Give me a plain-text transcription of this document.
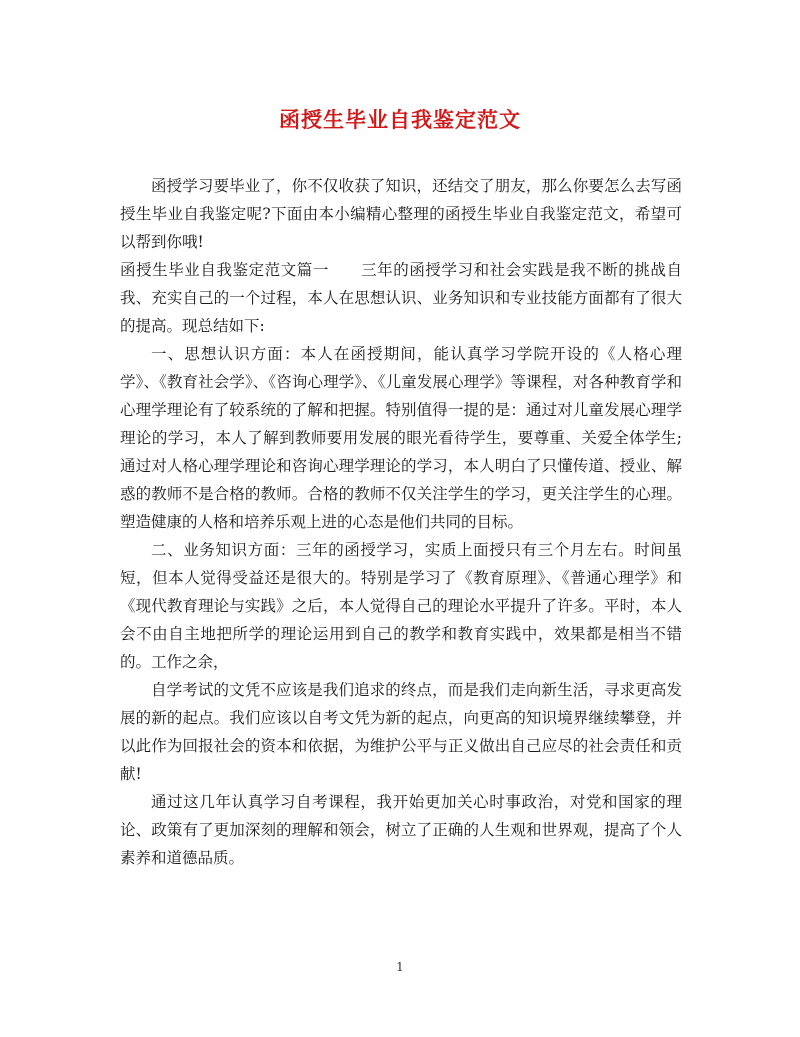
函授生毕业自我鉴定范文

函授学习要毕业了，你不仅收获了知识，还结交了朋友，那么你要怎么去写函授生毕业自我鉴定呢?下面由本小编精心整理的函授生毕业自我鉴定范文，希望可以帮到你哦!

函授生毕业自我鉴定范文篇一　　三年的函授学习和社会实践是我不断的挑战自我、充实自己的一个过程，本人在思想认识、业务知识和专业技能方面都有了很大的提高。现总结如下:

一、思想认识方面：本人在函授期间，能认真学习学院开设的《人格心理学》、《教育社会学》、《咨询心理学》、《儿童发展心理学》等课程，对各种教育学和心理学理论有了较系统的了解和把握。特别值得一提的是：通过对儿童发展心理学理论的学习，本人了解到教师要用发展的眼光看待学生，要尊重、关爱全体学生;通过对人格心理学理论和咨询心理学理论的学习，本人明白了只懂传道、授业、解惑的教师不是合格的教师。合格的教师不仅关注学生的学习，更关注学生的心理。塑造健康的人格和培养乐观上进的心态是他们共同的目标。

二、业务知识方面：三年的函授学习，实质上面授只有三个月左右。时间虽短，但本人觉得受益还是很大的。特别是学习了《教育原理》、《普通心理学》和《现代教育理论与实践》之后，本人觉得自己的理论水平提升了许多。平时，本人会不由自主地把所学的理论运用到自己的教学和教育实践中，效果都是相当不错的。工作之余，

自学考试的文凭不应该是我们追求的终点，而是我们走向新生活，寻求更高发展的新的起点。我们应该以自考文凭为新的起点，向更高的知识境界继续攀登，并以此作为回报社会的资本和依据，为维护公平与正义做出自己应尽的社会责任和贡献!

通过这几年认真学习自考课程，我开始更加关心时事政治，对党和国家的理论、政策有了更加深刻的理解和领会，树立了正确的人生观和世界观，提高了个人素养和道德品质。

1
